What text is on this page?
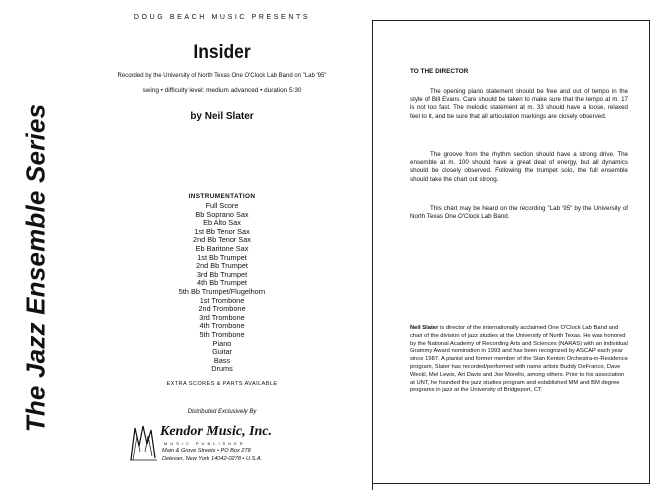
The Jazz Ensemble Series
DOUG BEACH MUSIC PRESENTS
Insider
Recorded by the University of North Texas One O'Clock Lab Band on "Lab '95"
swing • difficulty level: medium advanced • duration 5:30
by Neil Slater
INSTRUMENTATION
Full Score
Bb Soprano Sax
Eb Alto Sax
1st Bb Tenor Sax
2nd Bb Tenor Sax
Eb Baritone Sax
1st Bb Trumpet
2nd Bb Trumpet
3rd Bb Trumpet
4th Bb Trumpet
5th Bb Trumpet/Flugelhorn
1st Trombone
2nd Trombone
3rd Trombone
4th Trombone
5th Trombone
Piano
Guitar
Bass
Drums
EXTRA SCORES & PARTS AVAILABLE
Distributed Exclusively By
Kendor Music, Inc.
MUSIC PUBLISHER
Main & Grove Streets • PO Box 278
Delevan, New York 14042-0278 • U.S.A.
TO THE DIRECTOR

The opening piano statement should be free and out of tempo in the style of Bill Evans. Care should be taken to make sure that the tempo at m. 17 is not too fast. The melodic statement at m. 33 should have a loose, relaxed feel to it, and be sure that all articulation markings are closely observed.

The groove from the rhythm section should have a strong drive. The ensemble at m. 100 should have a great deal of energy, but all dynamics should be closely observed. Following the trumpet solo, the full ensemble should take the chart out strong.

This chart may be heard on the recording "Lab '95" by the University of North Texas One O'Clock Lab Band.

Neil Slater is director of the internationally acclaimed One O'Clock Lab Band and chair of the division of jazz studies at the University of North Texas. He was honored by the National Academy of Recording Arts and Sciences (NARAS) with an individual Grammy Award nomination in 1993 and has been recognized by ASCAP each year since 1987. A pianist and former member of the Stan Kenton Orchestra-in-Residence program, Slater has recorded/performed with name artists Buddy DeFranco, Dave Weckl, Mel Lewis, Art Davis and Joe Morello, among others. Prior to his association at UNT, he founded the jazz studies program and established MM and BM degree programs in jazz at the University of Bridgeport, CT.
